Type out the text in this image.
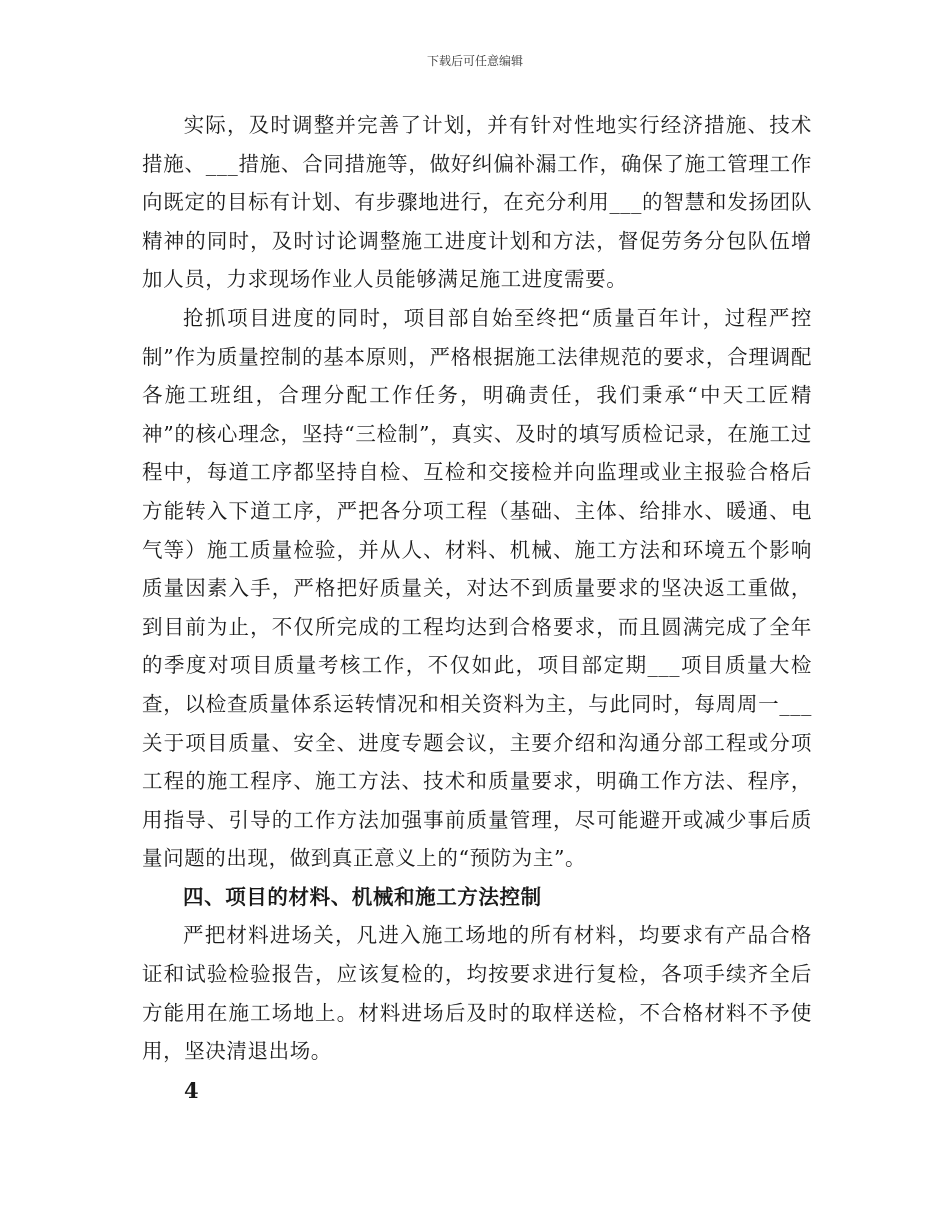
下载后可任意编辑

实际，及时调整并完善了计划，并有针对性地实行经济措施、技术措施、___措施、合同措施等，做好纠偏补漏工作，确保了施工管理工作向既定的目标有计划、有步骤地进行，在充分利用___的智慧和发扬团队精神的同时，及时讨论调整施工进度计划和方法，督促劳务分包队伍增加人员，力求现场作业人员能够满足施工进度需要。

抢抓项目进度的同时，项目部自始至终把“质量百年计，过程严控制”作为质量控制的基本原则，严格根据施工法律规范的要求，合理调配各施工班组，合理分配工作任务，明确责任，我们秉承“中天工匠精神”的核心理念，坚持“三检制”，真实、及时的填写质检记录，在施工过程中，每道工序都坚持自检、互检和交接检并向监理或业主报验合格后方能转入下道工序，严把各分项工程（基础、主体、给排水、暖通、电气等）施工质量检验，并从人、材料、机械、施工方法和环境五个影响质量因素入手，严格把好质量关，对达不到质量要求的坚决返工重做，到目前为止，不仅所完成的工程均达到合格要求，而且圆满完成了全年的季度对项目质量考核工作，不仅如此，项目部定期___项目质量大检查，以检查质量体系运转情况和相关资料为主，与此同时，每周周一___关于项目质量、安全、进度专题会议，主要介绍和沟通分部工程或分项工程的施工程序、施工方法、技术和质量要求，明确工作方法、程序，用指导、引导的工作方法加强事前质量管理，尽可能避开或减少事后质量问题的出现，做到真正意义上的“预防为主”。

四、项目的材料、机械和施工方法控制

严把材料进场关，凡进入施工场地的所有材料，均要求有产品合格证和试验检验报告，应该复检的，均按要求进行复检，各项手续齐全后方能用在施工场地上。材料进场后及时的取样送检，不合格材料不予使用，坚决清退出场。

4
